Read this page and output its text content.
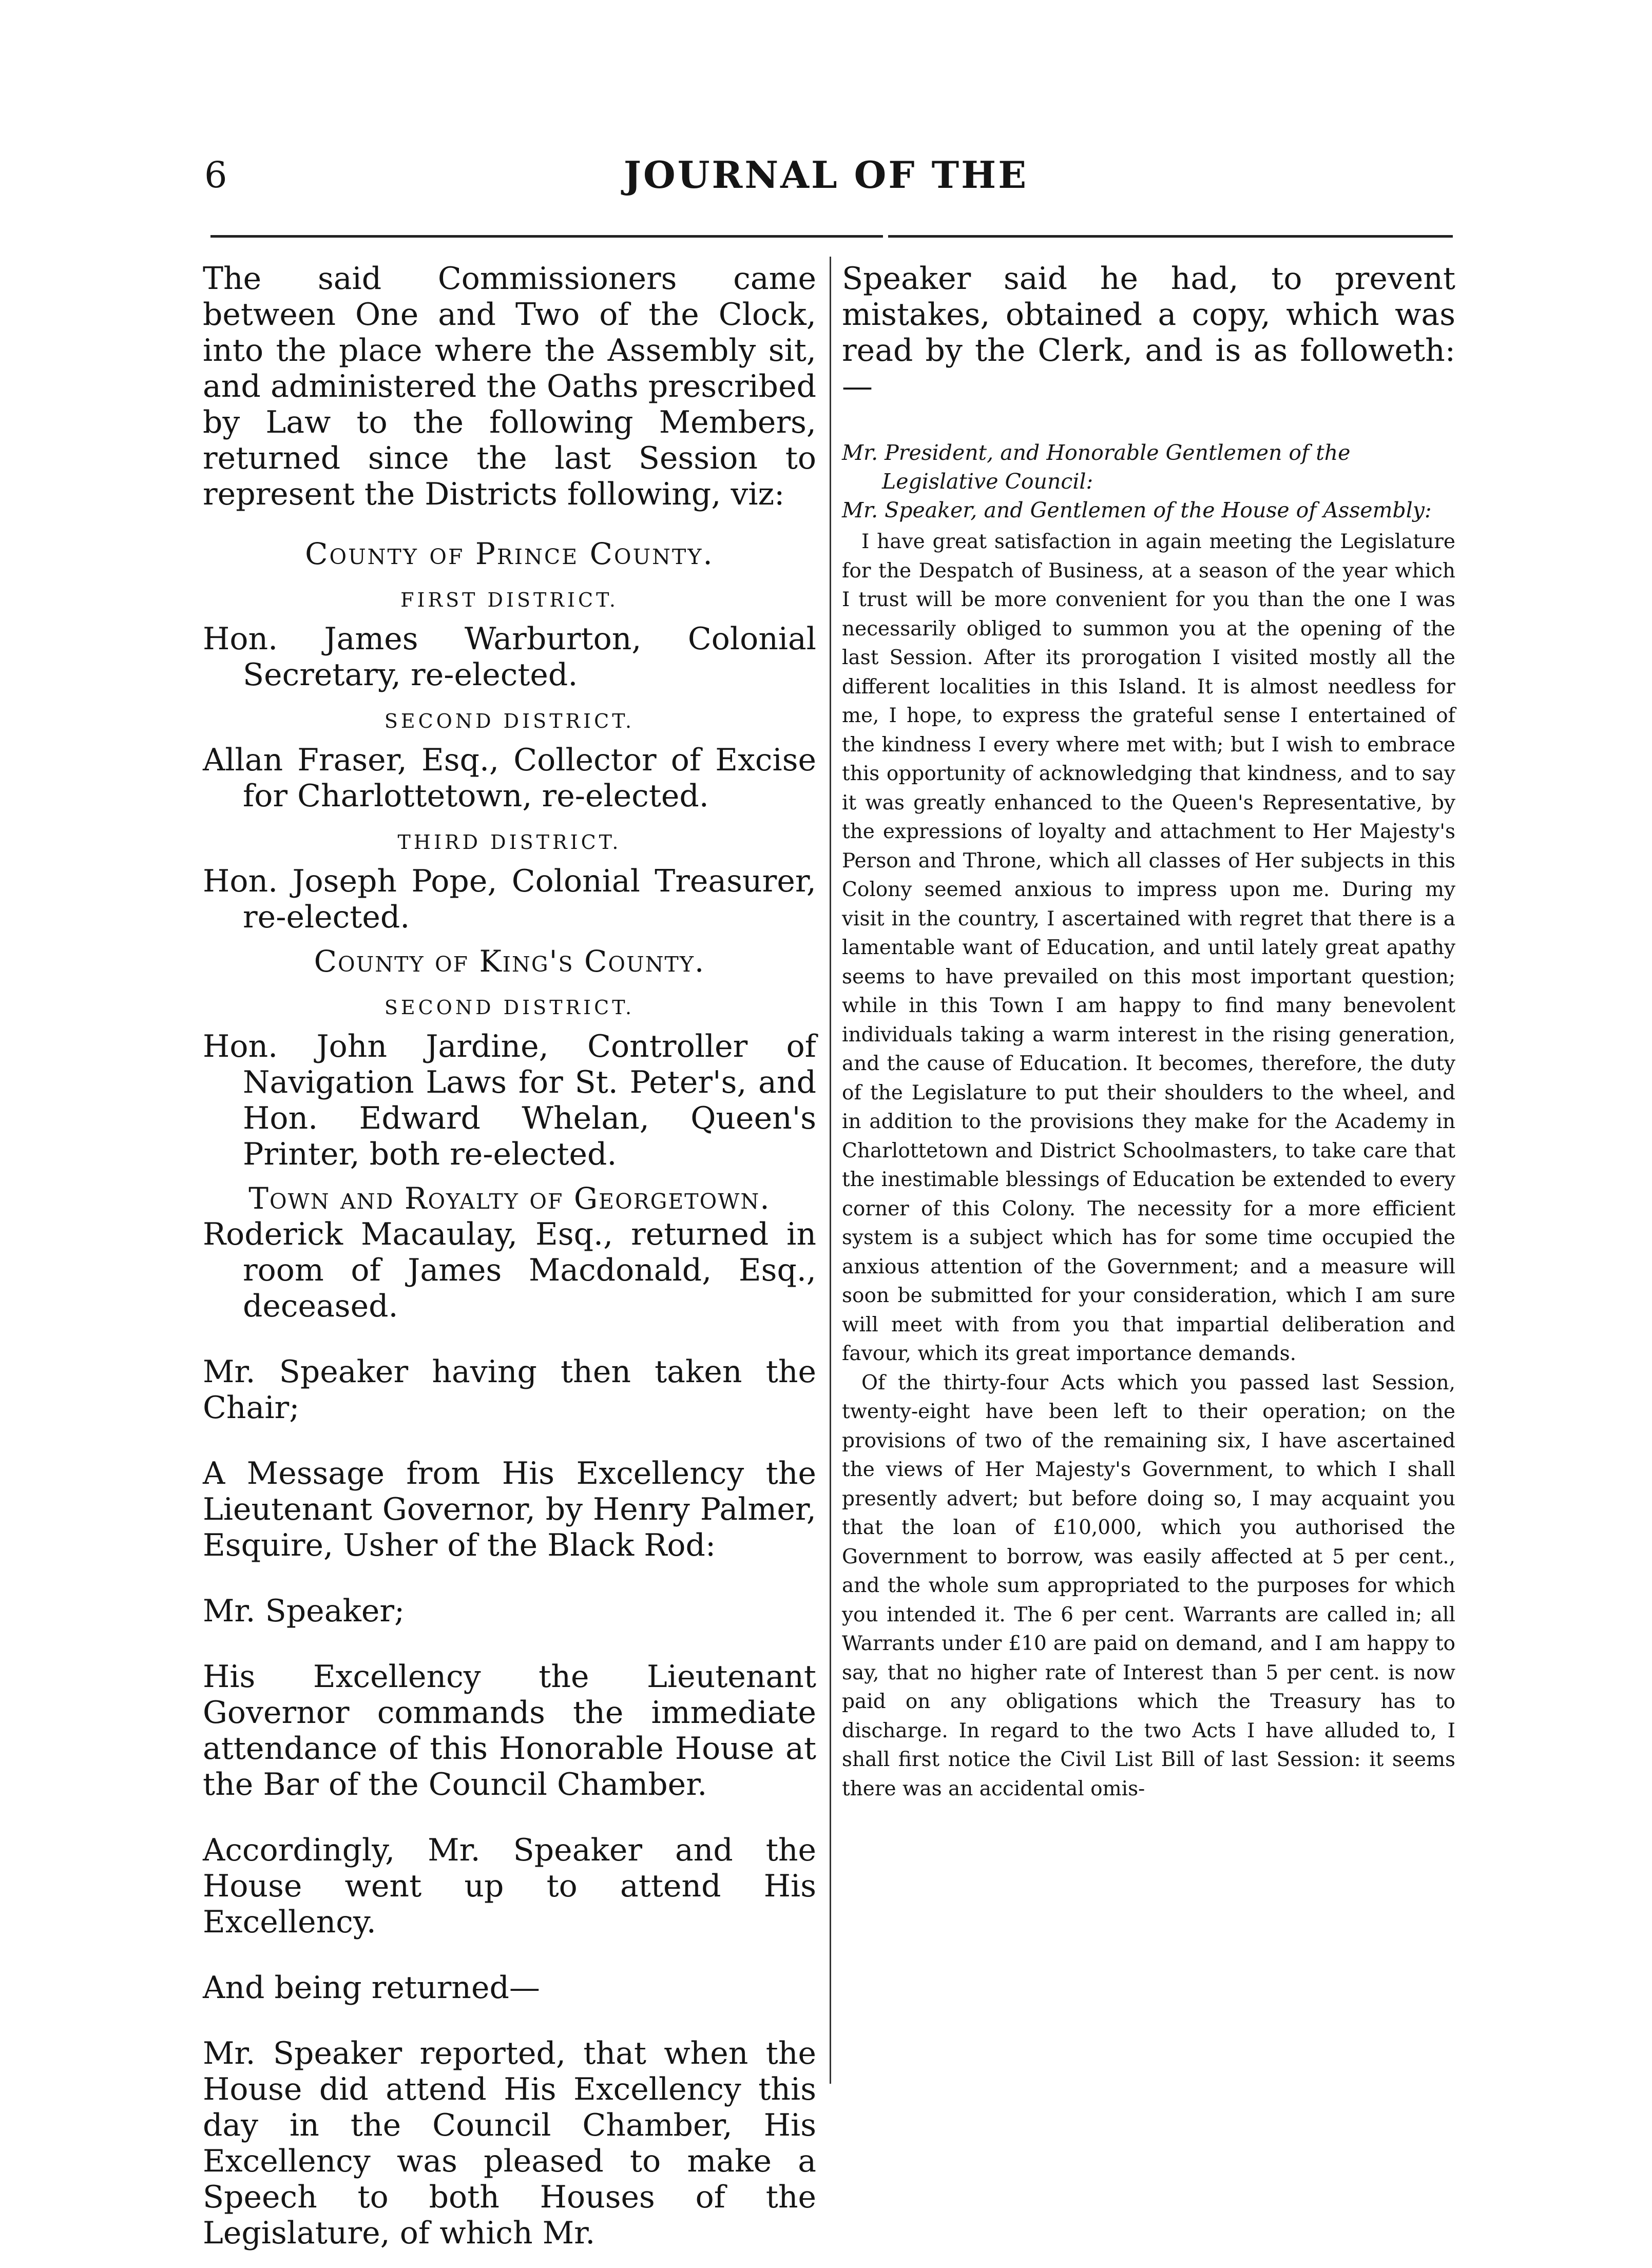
6	JOURNAL OF THE

The said Commissioners came between One and Two of the Clock, into the place where the Assembly sit, and administered the Oaths prescribed by Law to the following Members, returned since the last Session to represent the Districts following, viz:

County of Prince County.

FIRST DISTRICT.

Hon. James Warburton, Colonial Secretary, re-elected.

SECOND DISTRICT.

Allan Fraser, Esq., Collector of Excise for Charlottetown, re-elected.

THIRD DISTRICT.

Hon. Joseph Pope, Colonial Treasurer, re-elected.

County of King's County.

SECOND DISTRICT.

Hon. John Jardine, Controller of Navigation Laws for St. Peter's, and Hon. Edward Whelan, Queen's Printer, both re-elected.

Town and Royalty of Georgetown.

Roderick Macaulay, Esq., returned in room of James Macdonald, Esq., deceased.

Mr. Speaker having then taken the Chair;

A Message from His Excellency the Lieutenant Governor, by Henry Palmer, Esquire, Usher of the Black Rod:

Mr. Speaker;

His Excellency the Lieutenant Governor commands the immediate attendance of this Honorable House at the Bar of the Council Chamber.

Accordingly, Mr. Speaker and the House went up to attend His Excellency.

And being returned—

Mr. Speaker reported, that when the House did attend His Excellency this day in the Council Chamber, His Excellency was pleased to make a Speech to both Houses of the Legislature, of which Mr.

Speaker said he had, to prevent mistakes, obtained a copy, which was read by the Clerk, and is as followeth:—

Mr. President, and Honorable Gentlemen of the Legislative Council:

Mr. Speaker, and Gentlemen of the House of Assembly:

I have great satisfaction in again meeting the Legislature for the Despatch of Business, at a season of the year which I trust will be more convenient for you than the one I was necessarily obliged to summon you at the opening of the last Session. After its prorogation I visited mostly all the different localities in this Island. It is almost needless for me, I hope, to express the grateful sense I entertained of the kindness I every where met with; but I wish to embrace this opportunity of acknowledging that kindness, and to say it was greatly enhanced to the Queen's Representative, by the expressions of loyalty and attachment to Her Majesty's Person and Throne, which all classes of Her subjects in this Colony seemed anxious to impress upon me. During my visit in the country, I ascertained with regret that there is a lamentable want of Education, and until lately great apathy seems to have prevailed on this most important question; while in this Town I am happy to find many benevolent individuals taking a warm interest in the rising generation, and the cause of Education. It becomes, therefore, the duty of the Legislature to put their shoulders to the wheel, and in addition to the provisions they make for the Academy in Charlottetown and District Schoolmasters, to take care that the inestimable blessings of Education be extended to every corner of this Colony. The necessity for a more efficient system is a subject which has for some time occupied the anxious attention of the Government; and a measure will soon be submitted for your consideration, which I am sure will meet with from you that impartial deliberation and favour, which its great importance demands.

Of the thirty-four Acts which you passed last Session, twenty-eight have been left to their operation; on the provisions of two of the remaining six, I have ascertained the views of Her Majesty's Government, to which I shall presently advert; but before doing so, I may acquaint you that the loan of £10,000, which you authorised the Government to borrow, was easily affected at 5 per cent., and the whole sum appropriated to the purposes for which you intended it. The 6 per cent. Warrants are called in; all Warrants under £10 are paid on demand, and I am happy to say, that no higher rate of Interest than 5 per cent. is now paid on any obligations which the Treasury has to discharge. In regard to the two Acts I have alluded to, I shall first notice the Civil List Bill of last Session: it seems there was an accidental omis-
